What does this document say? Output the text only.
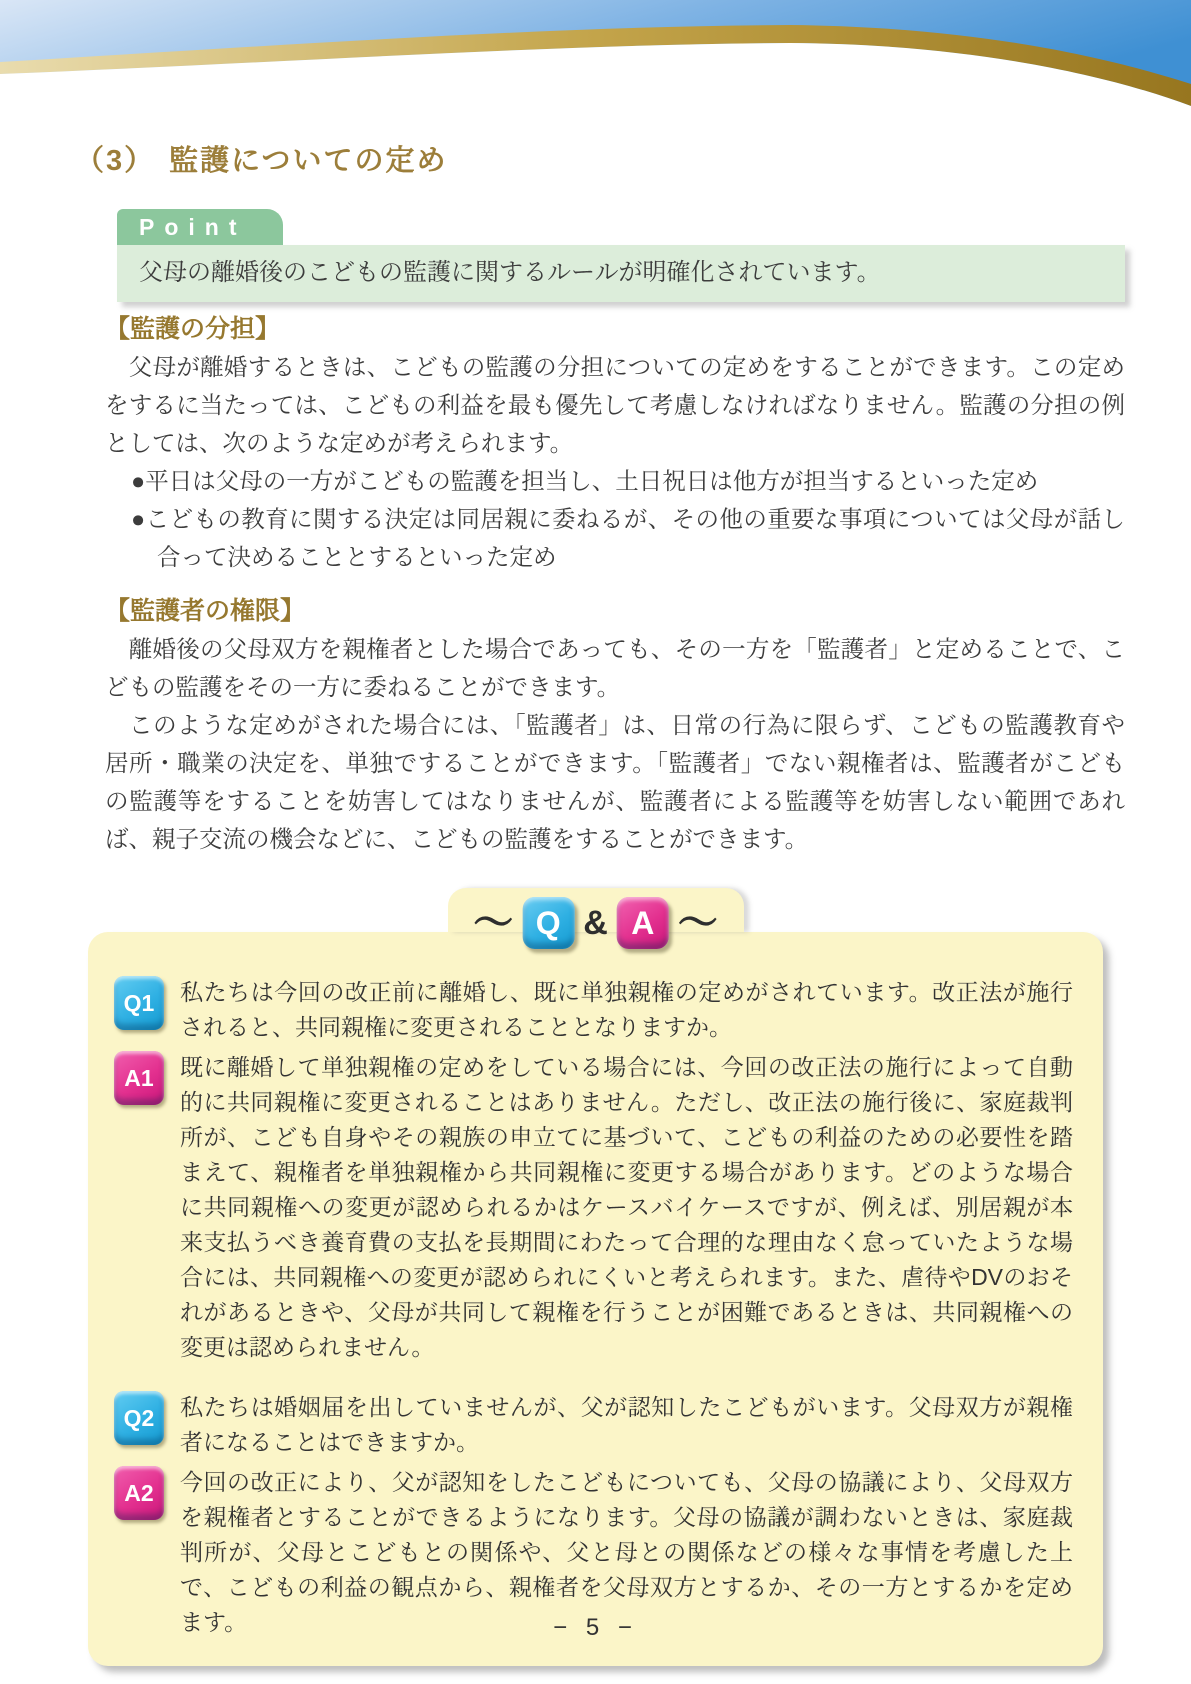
（3） 監護についての定め
Point
父母の離婚後のこどもの監護に関するルールが明確化されています。
【監護の分担】

　父母が離婚するときは、こどもの監護の分担についての定めをすることができます。この定めをするに当たっては、こどもの利益を最も優先して考慮しなければなりません。監護の分担の例としては、次のような定めが考えられます。

●平日は父母の一方がこどもの監護を担当し、土日祝日は他方が担当するといった定め
●こどもの教育に関する決定は同居親に委ねるが、その他の重要な事項については父母が話し合って決めることとするといった定め
【監護者の権限】

　離婚後の父母双方を親権者とした場合であっても、その一方を「監護者」と定めることで、こどもの監護をその一方に委ねることができます。

　このような定めがされた場合には、「監護者」は、日常の行為に限らず、こどもの監護教育や居所・職業の決定を、単独ですることができます。「監護者」でない親権者は、監護者がこどもの監護等をすることを妨害してはなりませんが、監護者による監護等を妨害しない範囲であれば、親子交流の機会などに、こどもの監護をすることができます。

〜 Q & A 〜
Q1	私たちは今回の改正前に離婚し、既に単独親権の定めがされています。改正法が施行されると、共同親権に変更されることとなりますか。
A1	既に離婚して単独親権の定めをしている場合には、今回の改正法の施行によって自動的に共同親権に変更されることはありません。ただし、改正法の施行後に、家庭裁判所が、こども自身やその親族の申立てに基づいて、こどもの利益のための必要性を踏まえて、親権者を単独親権から共同親権に変更する場合があります。どのような場合に共同親権への変更が認められるかはケースバイケースですが、例えば、別居親が本来支払うべき養育費の支払を長期間にわたって合理的な理由なく怠っていたような場合には、共同親権への変更が認められにくいと考えられます。また、虐待やDVのおそれがあるときや、父母が共同して親権を行うことが困難であるときは、共同親権への変更は認められません。
Q2	私たちは婚姻届を出していませんが、父が認知したこどもがいます。父母双方が親権者になることはできますか。
A2	今回の改正により、父が認知をしたこどもについても、父母の協議により、父母双方を親権者とすることができるようになります。父母の協議が調わないときは、家庭裁判所が、父母とこどもとの関係や、父と母との関係などの様々な事情を考慮した上で、こどもの利益の観点から、親権者を父母双方とするか、その一方とするかを定めます。	− 5 −
